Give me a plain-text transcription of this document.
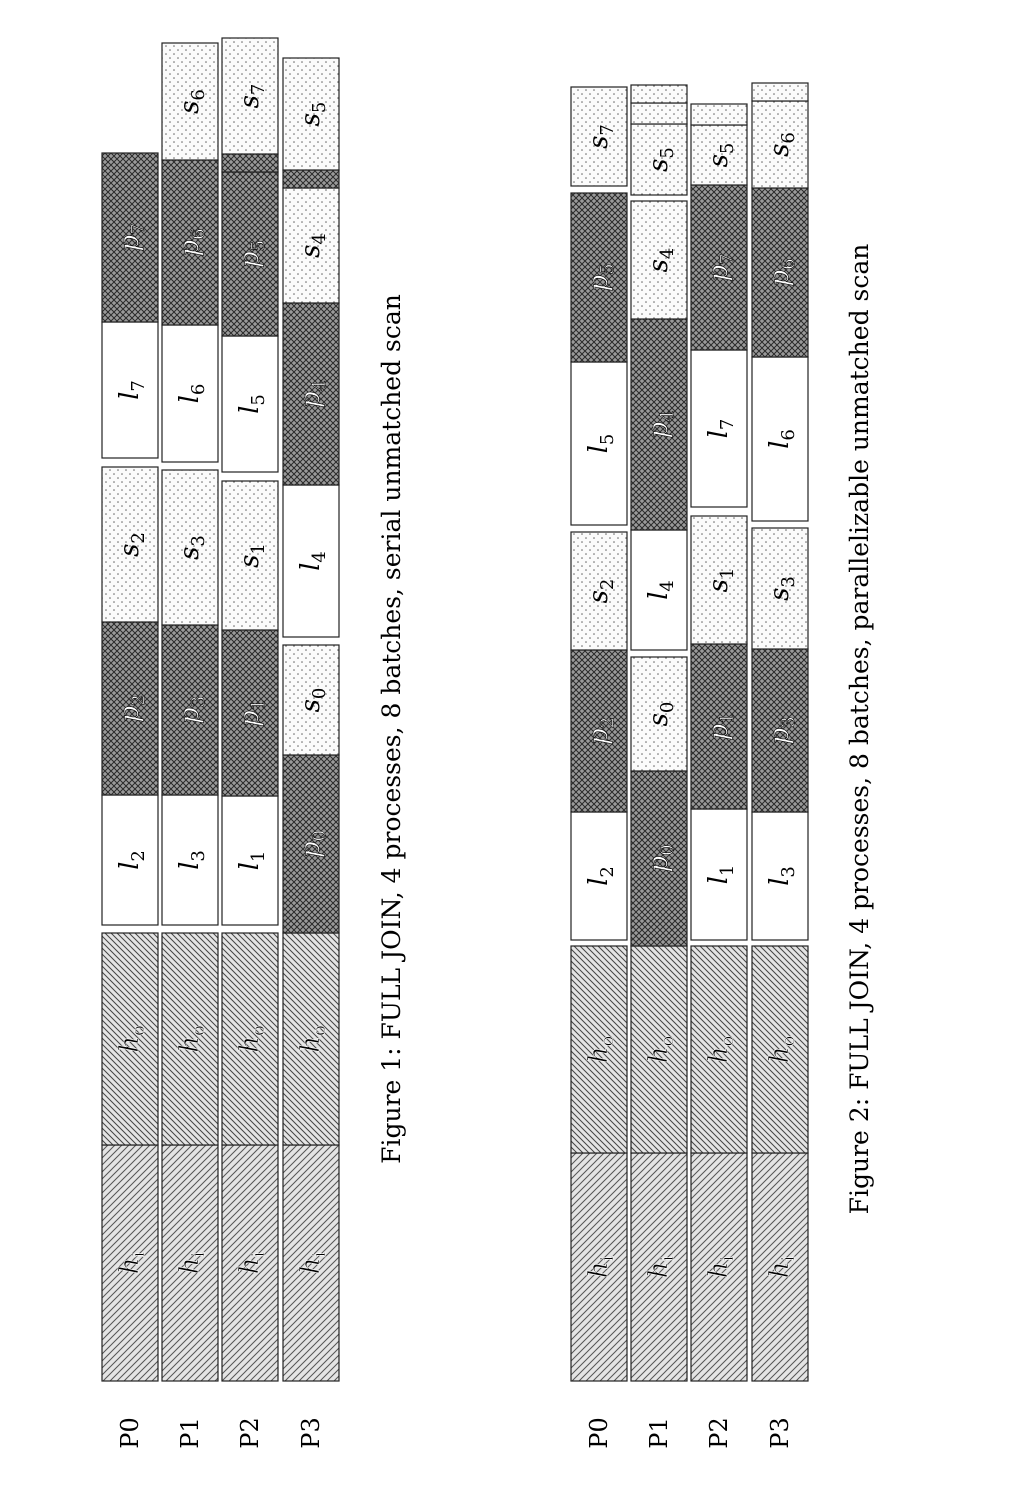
$h_i$
$h_o$
$l_2$
$p_2$
$s_2$
$l_7$
$p_7$
P0
$h_i$
$h_o$
$l_3$
$p_3$
$s_3$
$l_6$
$p_6$
$s_6$
P1
$h_i$
$h_o$
$l_1$
$p_1$
$s_1$
$l_5$
$p_5$
$s_7$
P2
$h_i$
$h_o$
$p_0$
$s_0$
$l_4$
$p_4$
$s_4$
$s_5$
P3
Figure 1: FULL JOIN, 4 processes, 8 batches, serial unmatched scan
$h_i$
$h_o$
$l_2$
$p_2$
$s_2$
$l_5$
$p_5$
$s_7$
P0
$h_i$
$h_o$
$p_0$
$s_0$
$l_4$
$p_4$
$s_4$
$s_5$
P1
$h_i$
$h_o$
$l_1$
$p_1$
$s_1$
$l_7$
$p_7$
$s_5$
P2
$h_i$
$h_o$
$l_3$
$p_3$
$s_3$
$l_6$
$p_6$
$s_6$
P3
Figure 2: FULL JOIN, 4 processes, 8 batches, parallelizable unmatched scan
